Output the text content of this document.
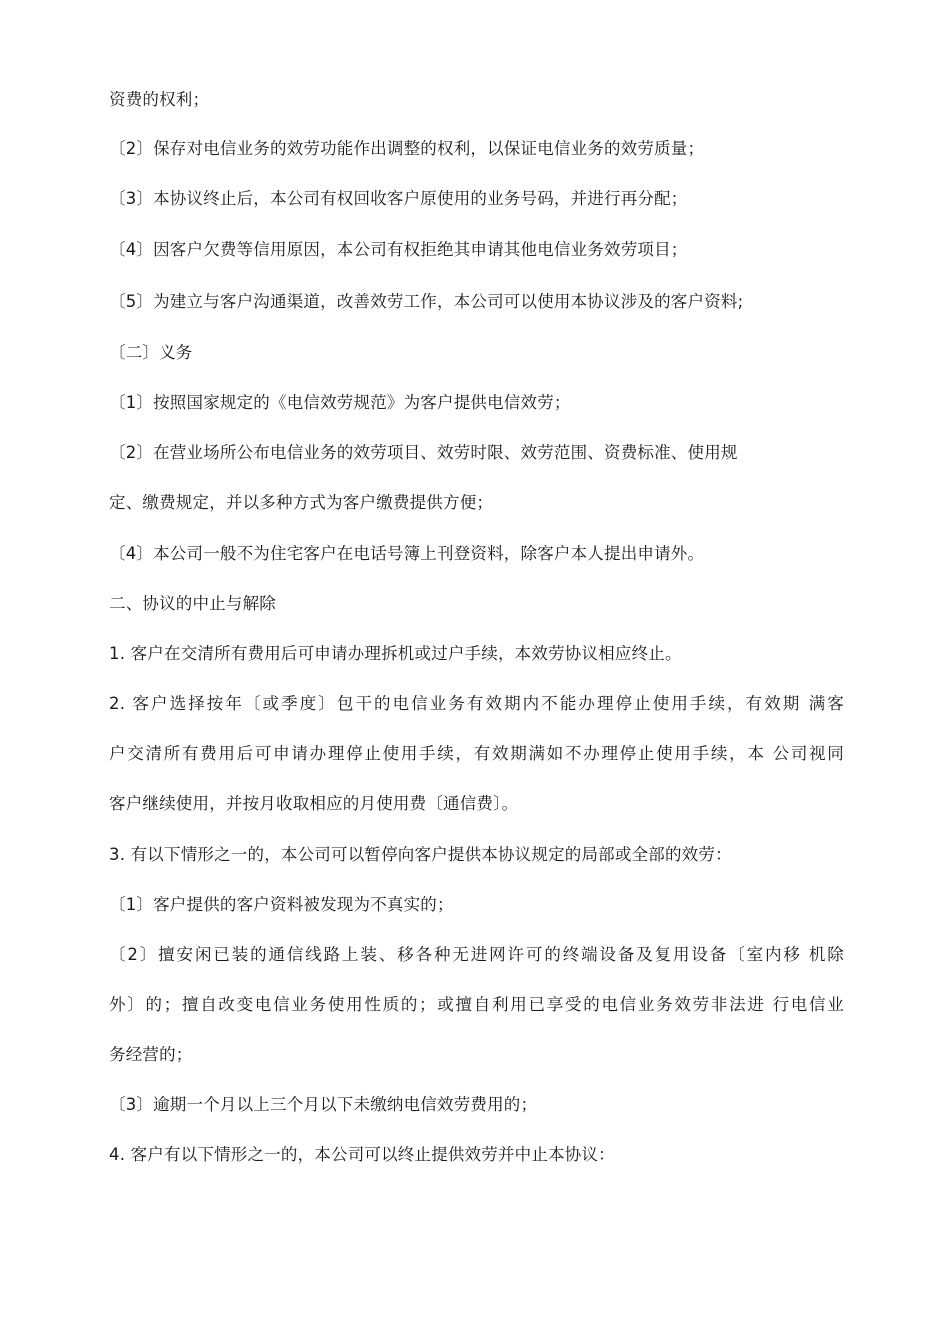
资费的权利；
〔2〕保存对电信业务的效劳功能作出调整的权利，以保证电信业务的效劳质量；
〔3〕本协议终止后，本公司有权回收客户原使用的业务号码，并进行再分配；
〔4〕因客户欠费等信用原因，本公司有权拒绝其申请其他电信业务效劳项目；
〔5〕为建立与客户沟通渠道，改善效劳工作，本公司可以使用本协议涉及的客户资料;
〔二〕义务
〔1〕按照国家规定的《电信效劳规范》为客户提供电信效劳；
〔2〕在营业场所公布电信业务的效劳项目、效劳时限、效劳范围、资费标准、使用规
定、缴费规定，并以多种方式为客户缴费提供方便；
〔4〕本公司一般不为住宅客户在电话号簿上刊登资料，除客户本人提出申请外。
二、协议的中止与解除
1. 客户在交清所有费用后可申请办理拆机或过户手续，本效劳协议相应终止。
2. 客户选择按年〔或季度〕包干的电信业务有效期内不能办理停止使用手续，有效期 满客
户交清所有费用后可申请办理停止使用手续，有效期满如不办理停止使用手续，本 公司视同
客户继续使用，并按月收取相应的月使用费〔通信费〕。
3. 有以下情形之一的，本公司可以暂停向客户提供本协议规定的局部或全部的效劳：
〔1〕客户提供的客户资料被发现为不真实的；
〔2〕擅安闲已装的通信线路上装、移各种无进网许可的终端设备及复用设备〔室内移 机除
外〕的；擅自改变电信业务使用性质的；或擅自利用已享受的电信业务效劳非法进 行电信业
务经营的；
〔3〕逾期一个月以上三个月以下未缴纳电信效劳费用的；
4. 客户有以下情形之一的，本公司可以终止提供效劳并中止本协议：
